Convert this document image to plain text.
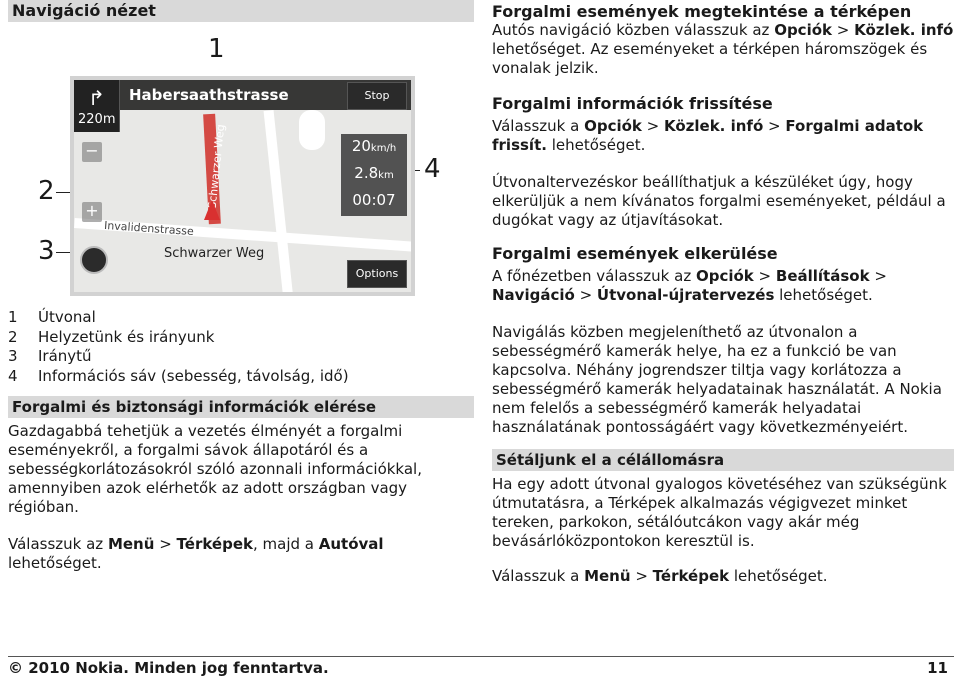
Navigáció nézet
1
2
3
4
Invalidenstrasse
Schwarzer Weg
Habersaathstrasse
↱
220m
−
+
Stop
20km/h
2.8km
00:07
Options
Schwarzer Weg
1 Útvonal
2 Helyzetünk és irányunk
3 Iránytű
4 Információs sáv (sebesség, távolság, idő)
Forgalmi és biztonsági információk elérése

Gazdagabbá tehetjük a vezetés élményét a forgalmi eseményekről, a forgalmi sávok állapotáról és a sebességkorlátozásokról szóló azonnali információkkal, amennyiben azok elérhetők az adott országban vagy régióban.

Válasszuk az Menü > Térképek, majd a Autóval lehetőséget.

Forgalmi események megtekintése a térképen

Autós navigáció közben válasszuk az Opciók > Közlek. infó lehetőséget. Az eseményeket a térképen háromszögek és vonalak jelzik.

Forgalmi információk frissítése

Válasszuk a Opciók > Közlek. infó > Forgalmi adatok frissít. lehetőséget.

Útvonaltervezéskor beállíthatjuk a készüléket úgy, hogy elkerüljük a nem kívánatos forgalmi eseményeket, például a dugókat vagy az útjavításokat.

Forgalmi események elkerülése

A főnézetben válasszuk az Opciók > Beállítások > Navigáció > Útvonal-újratervezés lehetőséget.

Navigálás közben megjeleníthető az útvonalon a sebességmérő kamerák helye, ha ez a funkció be van kapcsolva. Néhány jogrendszer tiltja vagy korlátozza a sebességmérő kamerák helyadatainak használatát. A Nokia nem felelős a sebességmérő kamerák helyadatai használatának pontosságáért vagy következményeiért.

Sétáljunk el a célállomásra

Ha egy adott útvonal gyalogos követéséhez van szükségünk útmutatásra, a Térképek alkalmazás végigvezet minket tereken, parkokon, sétálóutcákon vagy akár még bevásárlóközpontokon keresztül is.

Válasszuk a Menü > Térképek lehetőséget.

© 2010 Nokia. Minden jog fenntartva.	11
